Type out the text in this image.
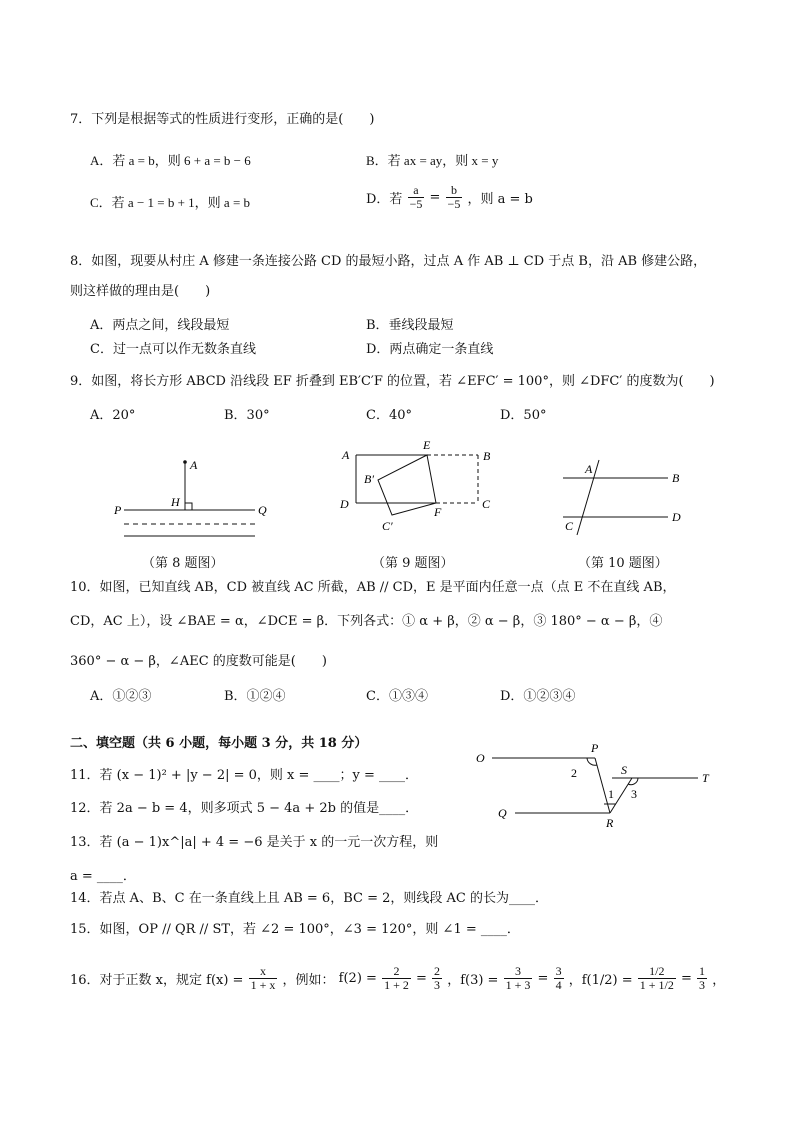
7．下列是根据等式的性质进行变形，正确的是(　　)
A．若 a = b，则 6 + a = b − 6	B．若 ax = ay，则 x = y
C．若 a − 1 = b + 1，则 a = b	D．若 $\frac{a}{-5} = \frac{b}{-5}$ ，则 a = b
8．如图，现要从村庄 A 修建一条连接公路 CD 的最短小路，过点 A 作 AB ⊥ CD 于点 B，沿 AB 修建公路，
则这样做的理由是(　　)
A．两点之间，线段最短	B．垂线段最短
C．过一点可以作无数条直线	D．两点确定一条直线
9．如图，将长方形 ABCD 沿线段 EF 折叠到 EB′C′F 的位置，若 ∠EFC′ = 100°，则 ∠DFC′ 的度数为(　　)
A．20°	B．30°	C．40°	D．50°
A
H
P	Q
A
E
B
B′
D	C
F
C′
A
B
C
D
（第 8 题图）	（第 9 题图）	（第 10 题图）
10．如图，已知直线 AB，CD 被直线 AC 所截，AB // CD，E 是平面内任意一点（点 E 不在直线 AB，
CD，AC 上），设 ∠BAE = α，∠DCE = β．下列各式：① α + β，② α − β，③ 180° − α − β，④
360° − α − β，∠AEC 的度数可能是(　　)
A．①②③	B．①②④	C．①③④	D．①②③④
二、填空题（共 6 小题，每小题 3 分，共 18 分）
11．若 (x − 1)² + |y − 2| = 0，则 x = ____；y = ____．
12．若 2a − b = 4，则多项式 5 − 4a + 2b 的值是____．
13．若 (a − 1)x^|a| + 4 = −6 是关于 x 的一元一次方程，则
a = ____．
14．若点 A、B、C 在一条直线上且 AB = 6，BC = 2，则线段 AC 的长为____．
15．如图，OP // QR // ST，若 ∠2 = 100°，∠3 = 120°，则 ∠1 = ____．
O
P
S
T
Q
R
1
2
3
16．对于正数 x，规定 $f(x) = \frac{x}{1 + x}$ ，例如： $f(2) = \frac{2}{1 + 2} = \frac{2}{3}$ ，$f(3) = \frac{3}{1 + 3} = \frac{3}{4}$ ，$f(1/2) = \frac{1/2}{1 + 1/2} = \frac{1}{3}$ ，
